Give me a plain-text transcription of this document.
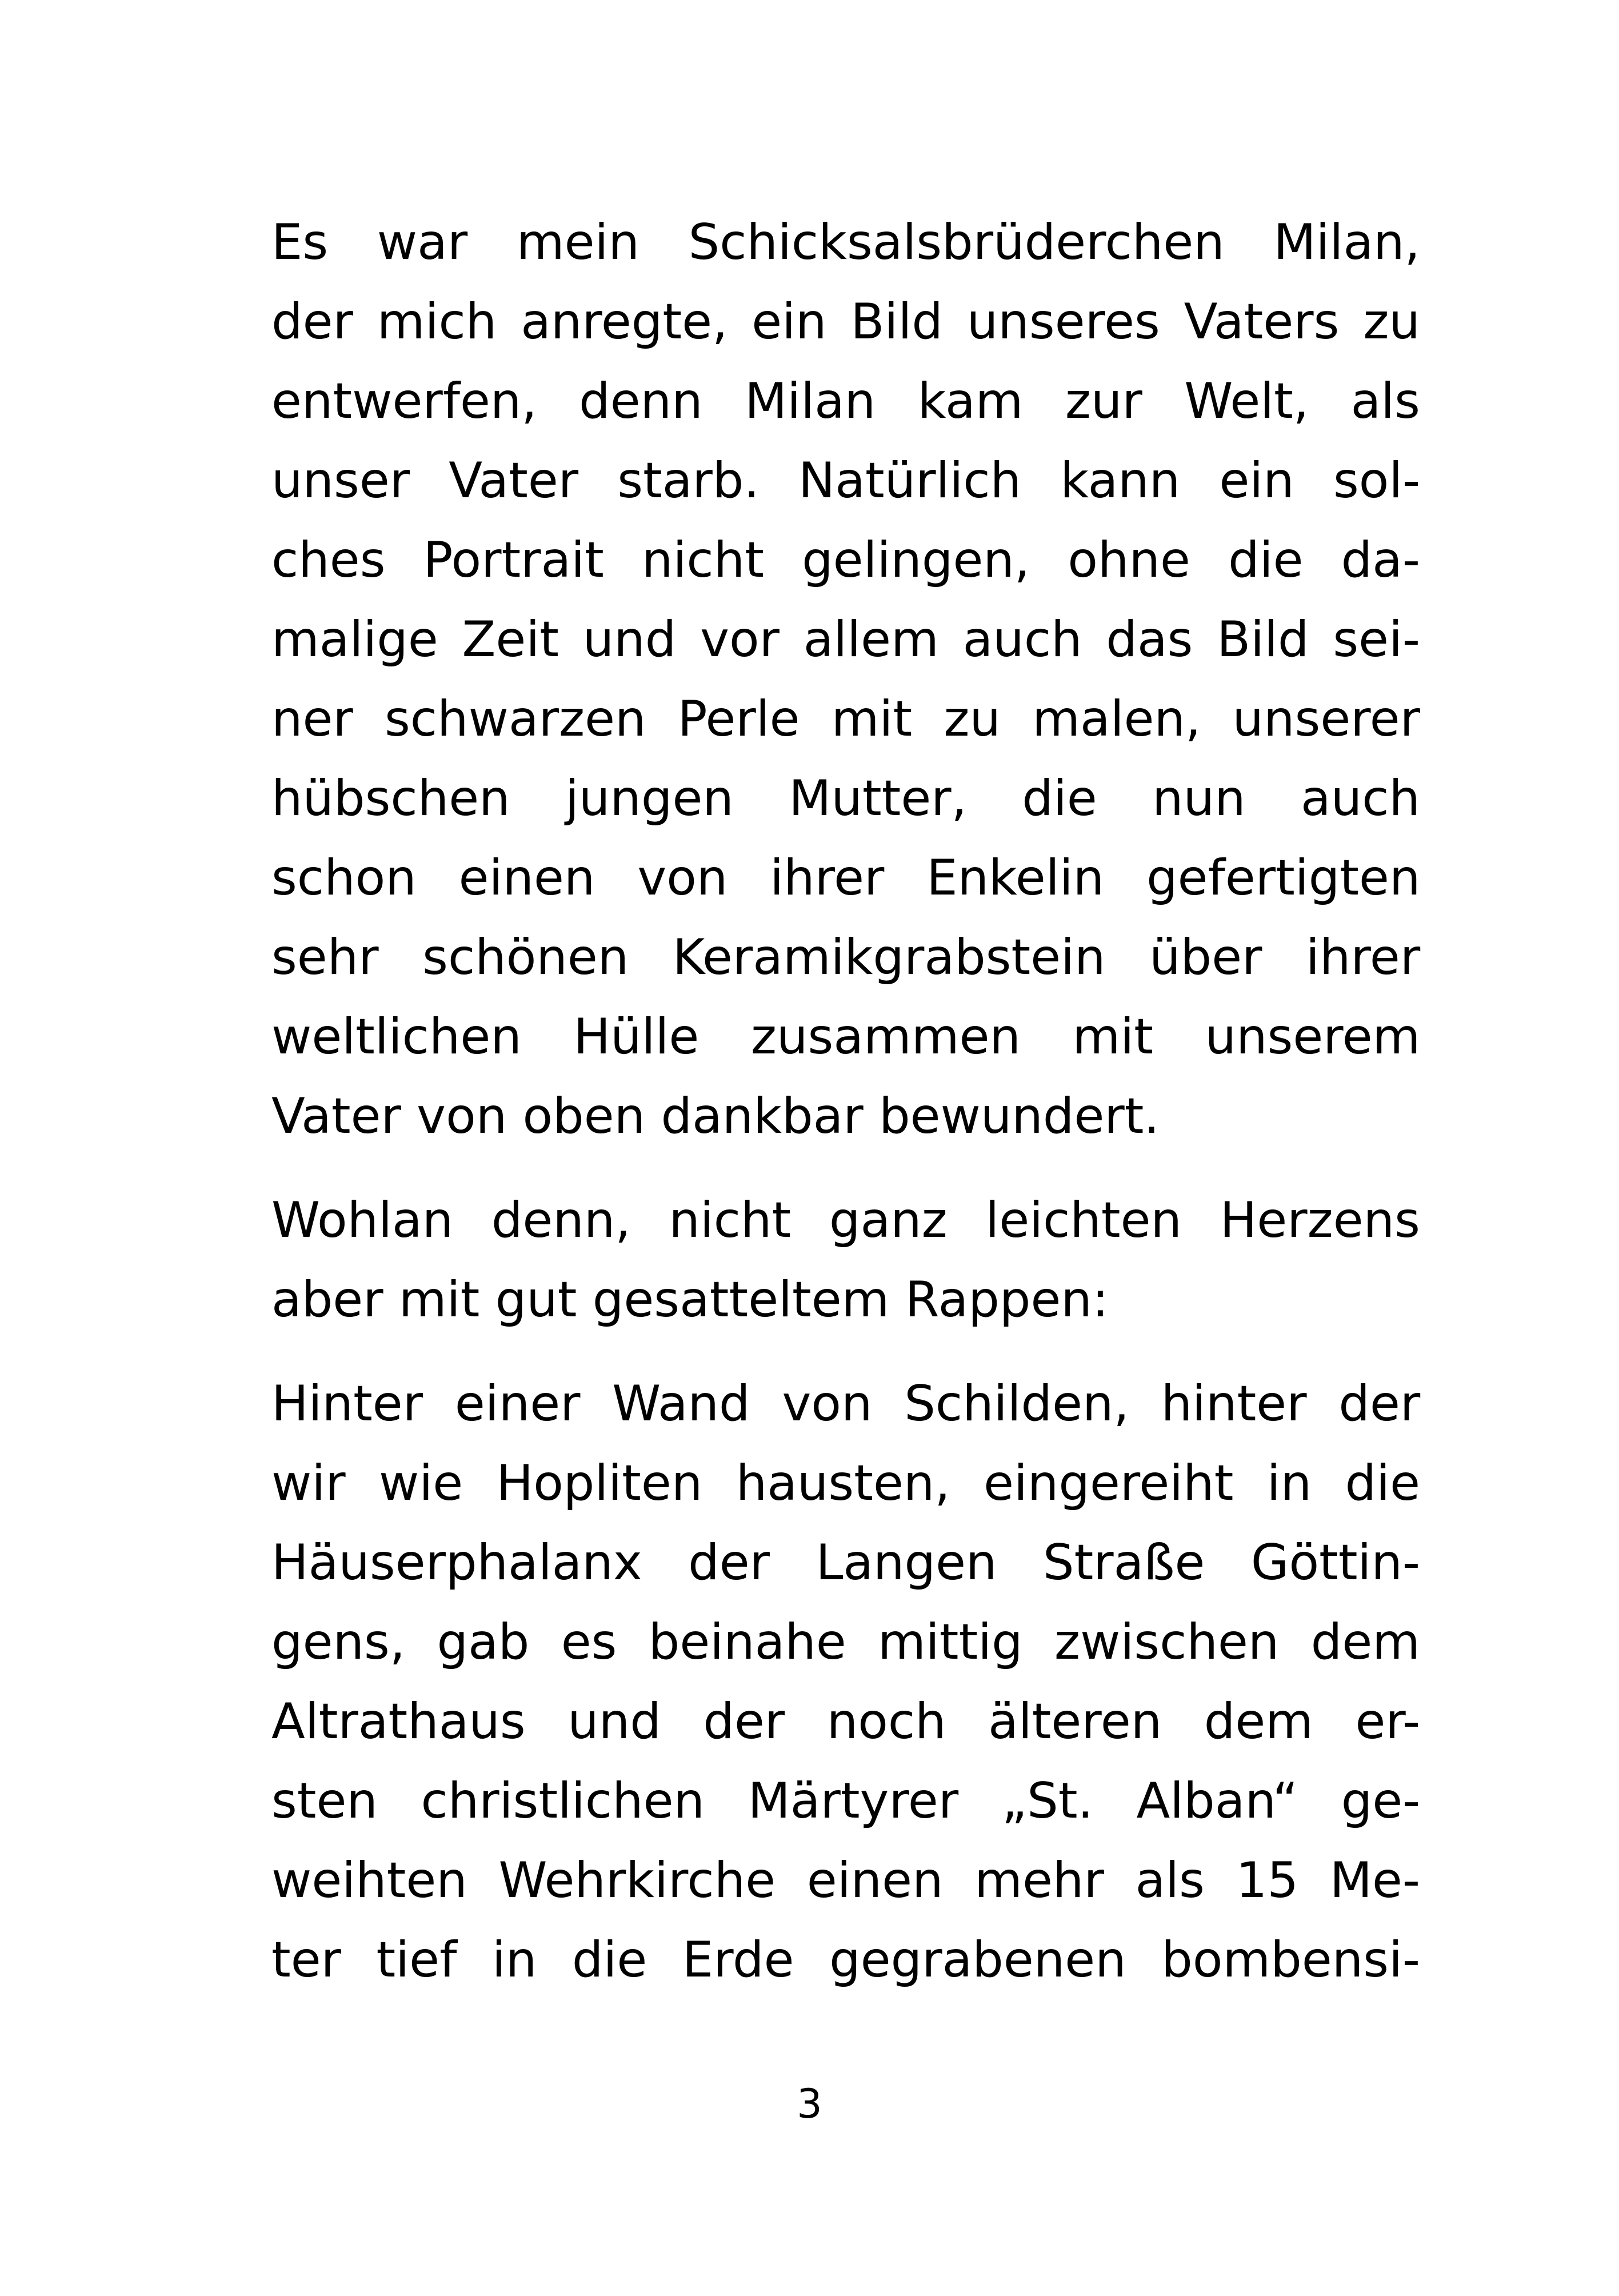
Es war mein Schicksalsbrüderchen Milan,
der mich anregte, ein Bild unseres Vaters zu
entwerfen, denn Milan kam zur Welt, als
unser Vater starb. Natürlich kann ein sol-
ches Portrait nicht gelingen, ohne die da-
malige Zeit und vor allem auch das Bild sei-
ner schwarzen Perle mit zu malen, unserer
hübschen jungen Mutter, die nun auch
schon einen von ihrer Enkelin gefertigten
sehr schönen Keramikgrabstein über ihrer
weltlichen Hülle zusammen mit unserem
Vater von oben dankbar bewundert.
Wohlan denn, nicht ganz leichten Herzens
aber mit gut gesatteltem Rappen:
Hinter einer Wand von Schilden, hinter der
wir wie Hopliten hausten, eingereiht in die
Häuserphalanx der Langen Straße Göttin-
gens, gab es beinahe mittig zwischen dem
Altrathaus und der noch älteren dem er-
sten christlichen Märtyrer „St. Alban“ ge-
weihten Wehrkirche einen mehr als 15 Me-
ter tief in die Erde gegrabenen bombensi-
3
